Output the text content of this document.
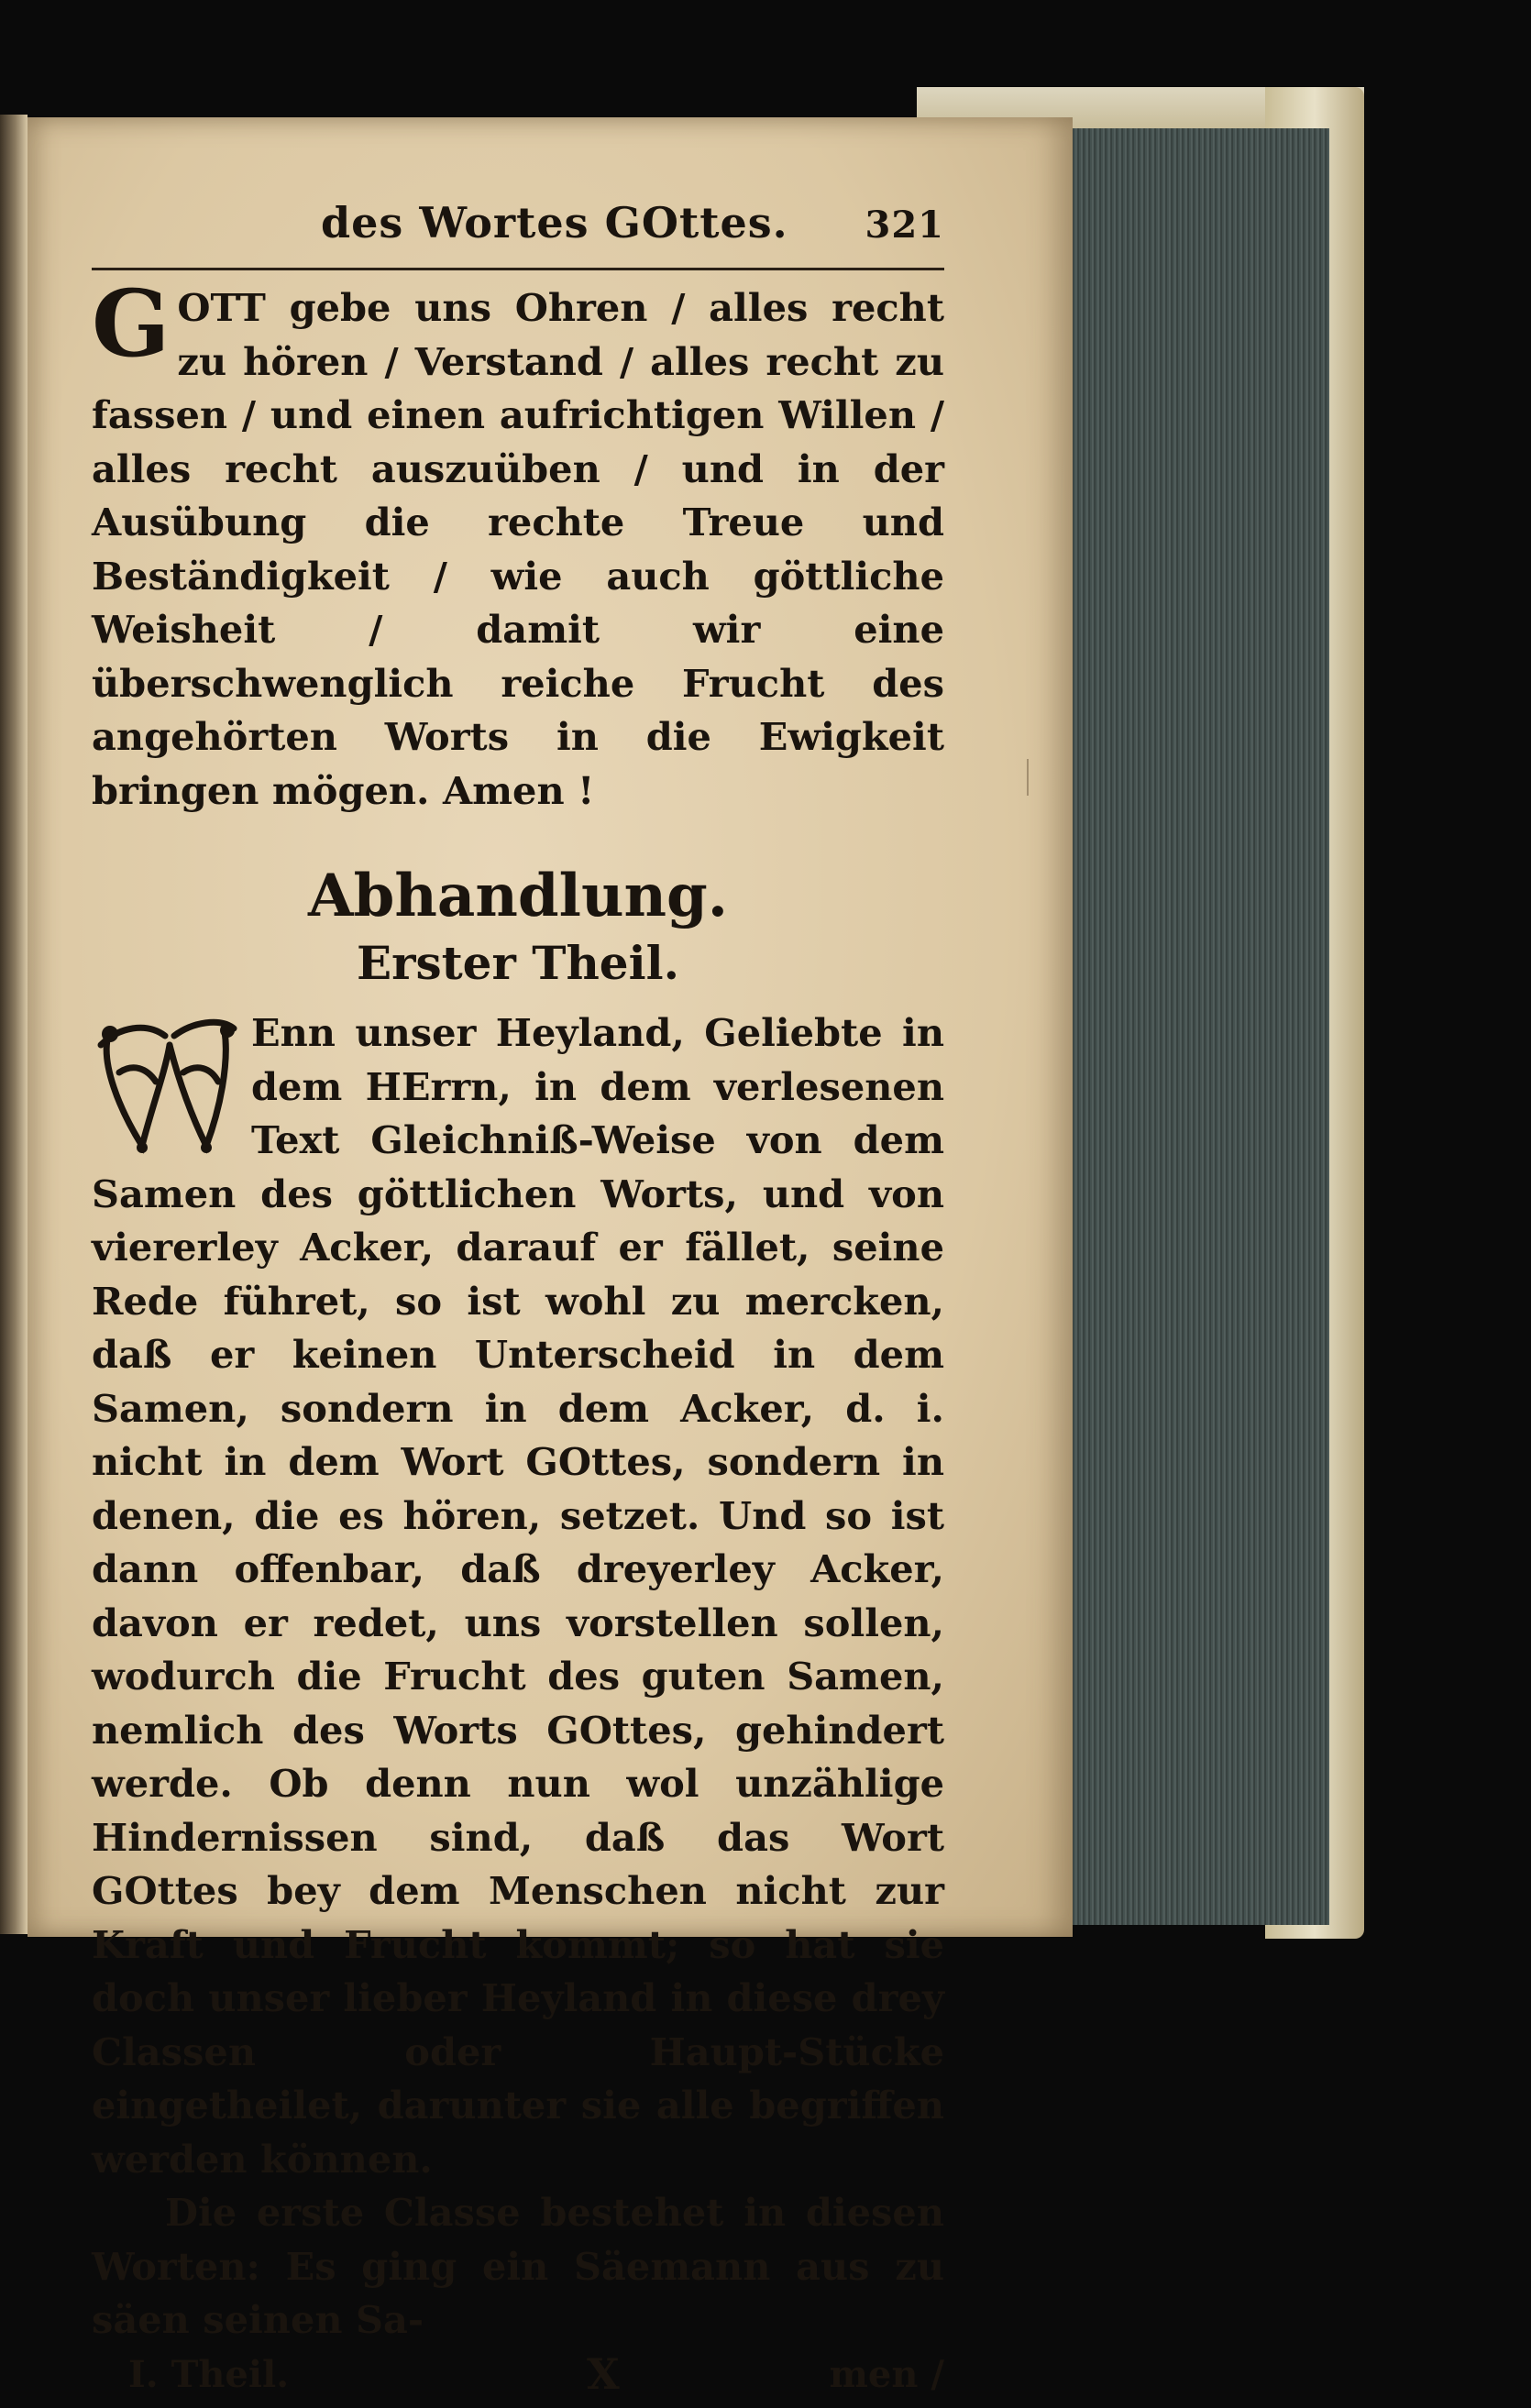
des Wortes GOttes. 321

GOTT gebe uns Ohren / alles recht zu hören / Verstand / alles recht zu fassen / und einen aufrichtigen Willen / alles recht auszuüben / und in der Ausübung die rechte Treue und Beständigkeit / wie auch göttliche Weisheit / damit wir eine überschwenglich reiche Frucht des angehörten Worts in die Ewigkeit bringen mögen. Amen !

Abhandlung.
Erster Theil.

Enn unser Heyland, Geliebte in dem HErrn, in dem verlesenen Text Gleichniß-Weise von dem Samen des göttlichen Worts, und von viererley Acker, darauf er fället, seine Rede führet, so ist wohl zu mercken, daß er keinen Unterscheid in dem Samen, sondern in dem Acker, d. i. nicht in dem Wort GOttes, sondern in denen, die es hören, setzet. Und so ist dann offenbar, daß dreyerley Acker, davon er redet, uns vorstellen sollen, wodurch die Frucht des guten Samen, nemlich des Worts GOttes, gehindert werde. Ob denn nun wol unzählige Hindernissen sind, daß das Wort GOttes bey dem Menschen nicht zur Kraft und Frucht kommt; so hat sie doch unser lieber Heyland in diese drey Classen oder Haupt-Stücke eingetheilet, darunter sie alle begriffen werden können.

Die erste Classe bestehet in diesen Worten: Es ging ein Säemann aus zu säen seinen Sa-

I. Theil.	X	men /
